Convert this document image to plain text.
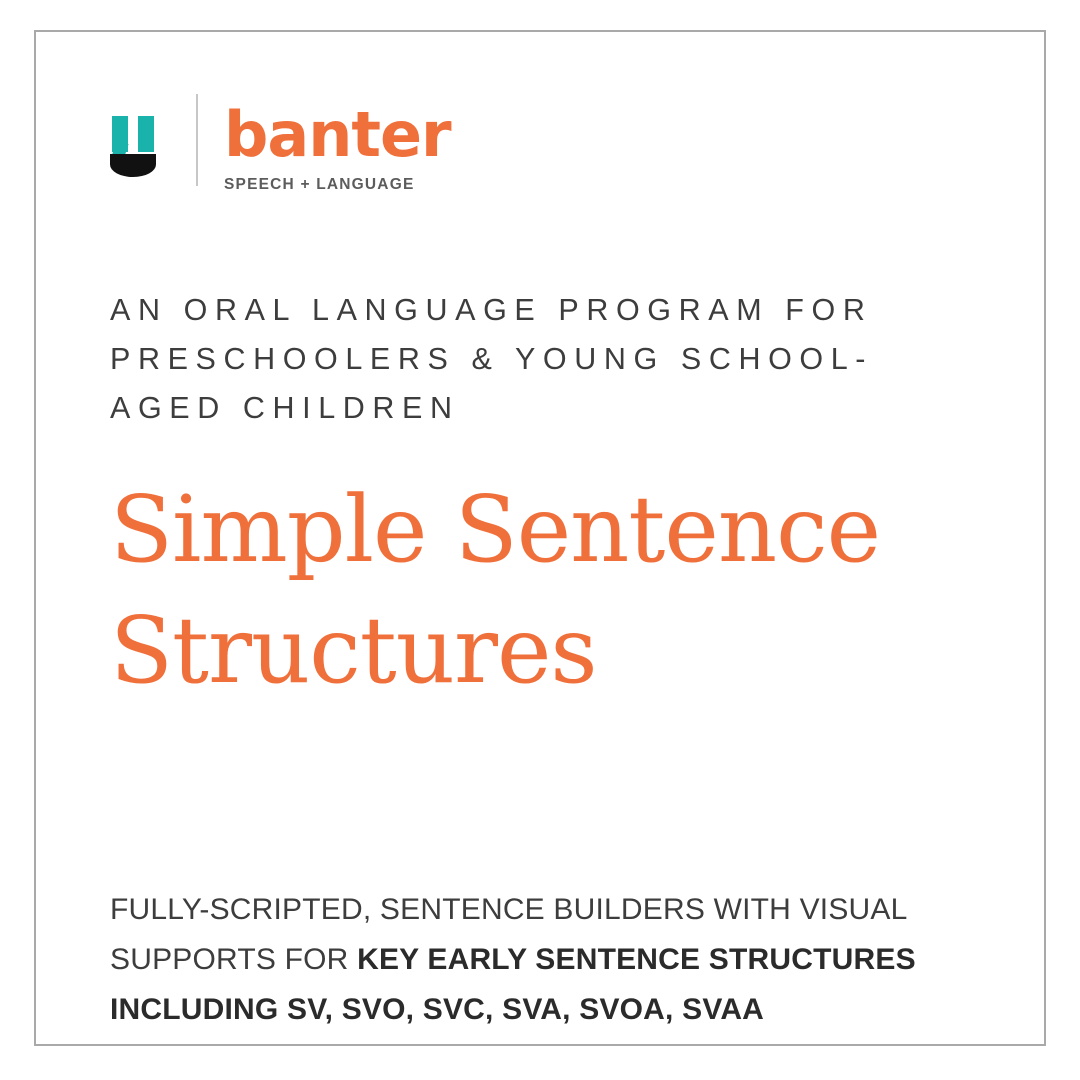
banter
SPEECH + LANGUAGE
AN ORAL LANGUAGE PROGRAM FOR PRESCHOOLERS & YOUNG SCHOOL-AGED CHILDREN
Simple Sentence Structures
FULLY-SCRIPTED, SENTENCE BUILDERS WITH VISUAL SUPPORTS FOR KEY EARLY SENTENCE STRUCTURES INCLUDING SV, SVO, SVC, SVA, SVOA, SVAA
